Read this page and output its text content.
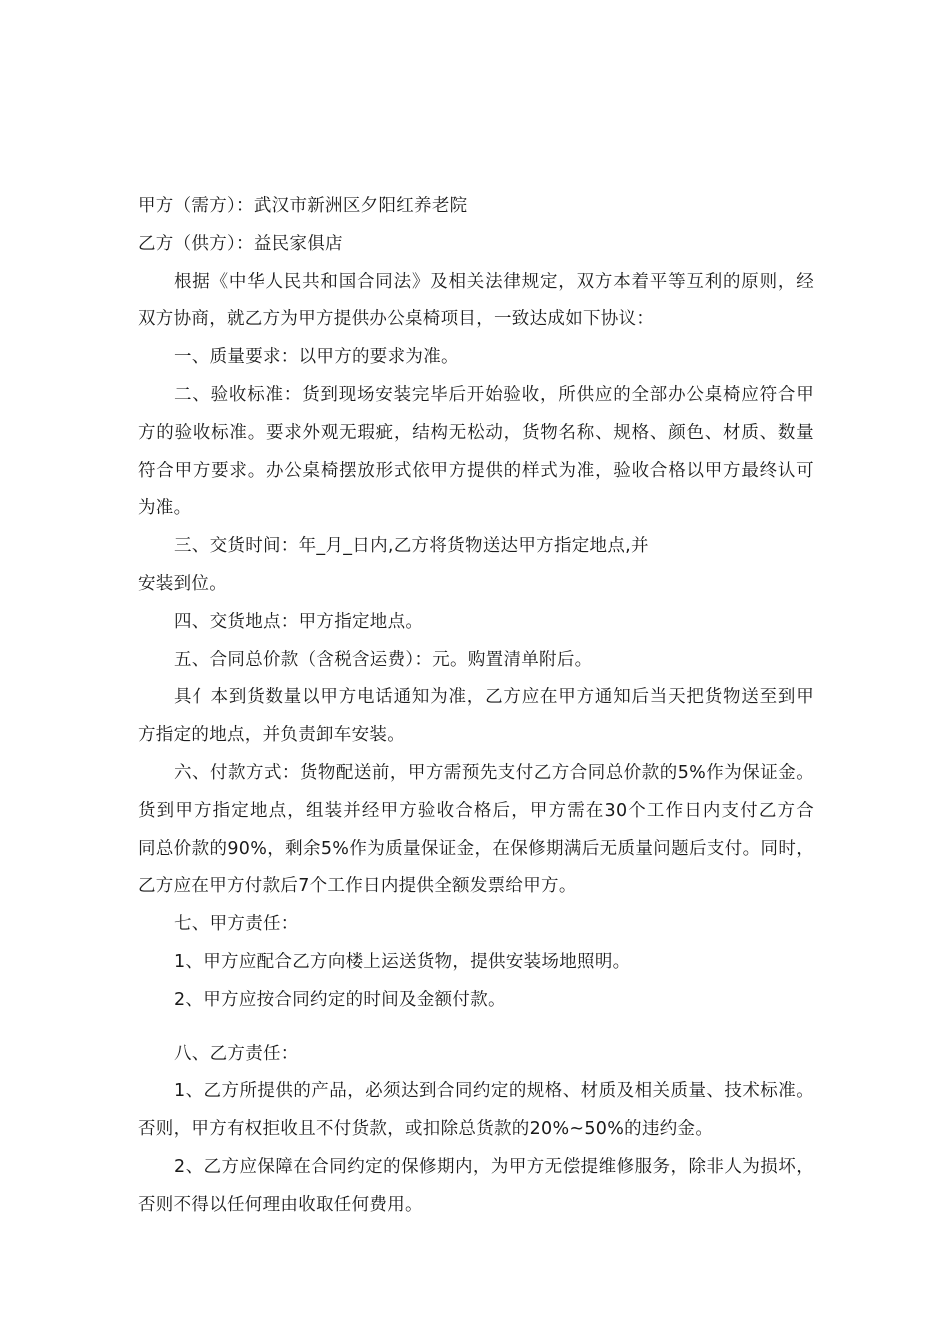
甲方（需方）：武汉市新洲区夕阳红养老院
乙方（供方）：益民家俱店
根据《中华人民共和国合同法》及相关法律规定，双方本着平等互利的原则，经
双方协商，就乙方为甲方提供办公桌椅项目，一致达成如下协议：
一、质量要求：以甲方的要求为准。
二、验收标准：货到现场安装完毕后开始验收，所供应的全部办公桌椅应符合甲
方的验收标准。要求外观无瑕疵，结构无松动，货物名称、规格、颜色、材质、数量
符合甲方要求。办公桌椅摆放形式依甲方提供的样式为准，验收合格以甲方最终认可
为准。
三、交货时间：年_月_日内,乙方将货物送达甲方指定地点,并
安装到位。
四、交货地点：甲方指定地点。
五、合同总价款（含税含运费）：元。购置清单附后。
具亻本到货数量以甲方电话通知为准，乙方应在甲方通知后当天把货物送至到甲
方指定的地点，并负责卸车安装。
六、付款方式：货物配送前，甲方需预先支付乙方合同总价款的5%作为保证金。
货到甲方指定地点，组装并经甲方验收合格后，甲方需在30个工作日内支付乙方合
同总价款的90%，剩余5%作为质量保证金，在保修期满后无质量问题后支付。同时，
乙方应在甲方付款后7个工作日内提供全额发票给甲方。
七、甲方责任：
1、甲方应配合乙方向楼上运送货物，提供安装场地照明。
2、甲方应按合同约定的时间及金额付款。
八、乙方责任：
1、乙方所提供的产品，必须达到合同约定的规格、材质及相关质量、技术标准。
否则，甲方有权拒收且不付货款，或扣除总货款的20%~50%的违约金。
2、乙方应保障在合同约定的保修期内，为甲方无偿提维修服务，除非人为损坏，
否则不得以任何理由收取任何费用。
